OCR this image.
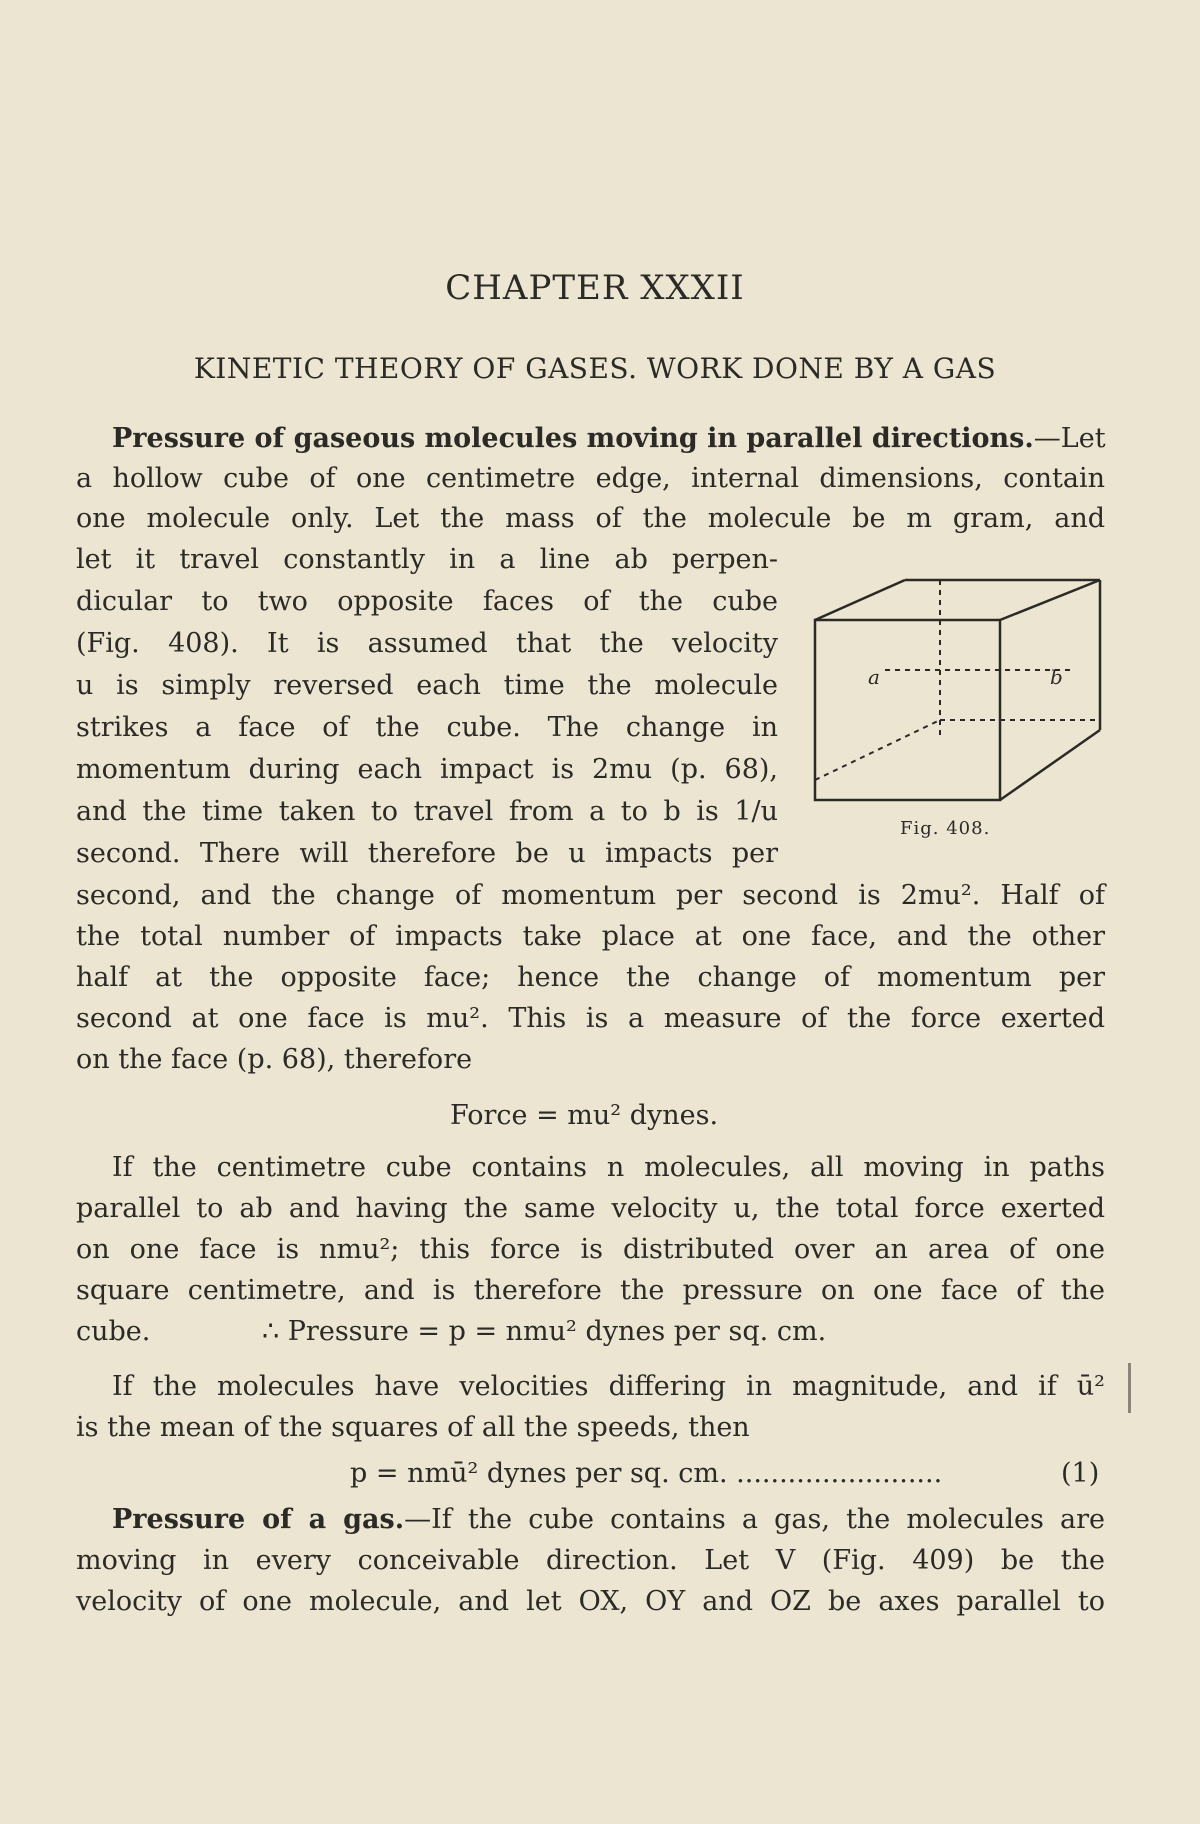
CHAPTER XXXII
KINETIC THEORY OF GASES. WORK DONE BY A GAS
Pressure of gaseous molecules moving in parallel directions.—Let
a hollow cube of one centimetre edge, internal dimensions, contain
one molecule only. Let the mass of the molecule be m gram, and
let it travel constantly in a line ab perpen-
dicular to two opposite faces of the cube
(Fig. 408). It is assumed that the velocity
u is simply reversed each time the molecule
strikes a face of the cube. The change in
momentum during each impact is 2mu (p. 68),
and the time taken to travel from a to b is 1/u
second. There will therefore be u impacts per
second, and the change of momentum per second is 2mu². Half of
the total number of impacts take place at one face, and the other
half at the opposite face; hence the change of momentum per
second at one face is mu². This is a measure of the force exerted
on the face (p. 68), therefore
Force = mu² dynes.
If the centimetre cube contains n molecules, all moving in paths
parallel to ab and having the same velocity u, the total force exerted
on one face is nmu²; this force is distributed over an area of one
square centimetre, and is therefore the pressure on one face of the
cube.	∴ Pressure = p = nmu² dynes per sq. cm.
If the molecules have velocities differing in magnitude, and if ū²
is the mean of the squares of all the speeds, then
p = nmū² dynes per sq. cm. ........................	(1)
Pressure of a gas.—If the cube contains a gas, the molecules are
moving in every conceivable direction. Let V (Fig. 409) be the
velocity of one molecule, and let OX, OY and OZ be axes parallel to
a	b
Fig. 408.
